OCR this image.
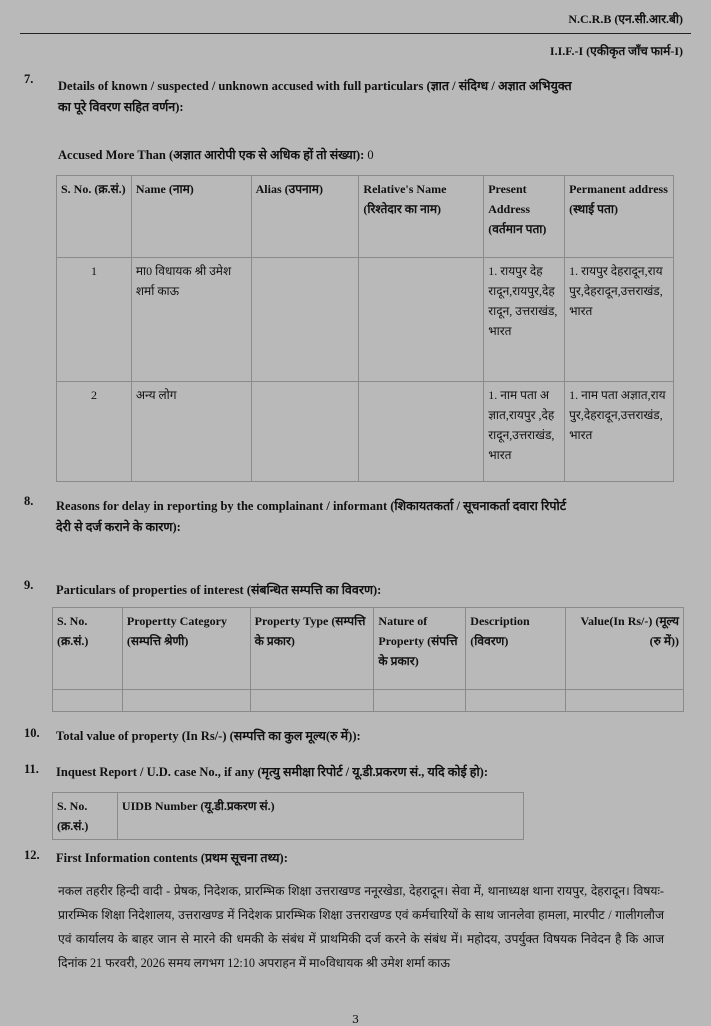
N.C.R.B (एन.सी.आर.बी)
I.I.F.-I (एकीकृत जाँच फार्म-I)
7. Details of known / suspected / unknown accused with full particulars (ज्ञात / संदिग्ध / अज्ञात अभियुक्त
का पूरे विवरण सहित वर्णन):
Accused More Than (अज्ञात आरोपी एक से अधिक हों तो संख्या): 0
S. No. (क्र.सं.)	Name (नाम)	Alias (उपनाम)	Relative's Name (रिश्तेदार का नाम)	Present Address (वर्तमान पता)	Permanent address (स्थाई पता)
1	मा0 विधायक श्री उमेश शर्मा काऊ			1. रायपुर देहरादून,रायपुर,देहरादून, उत्तराखंड,भारत	1. रायपुर देहरादून,रायपुर,देहरादून,उत्तराखंड,भारत
2	अन्य लोग			1. नाम पता अज्ञात,रायपुर ,देहरादून,उत्तराखंड,भारत	1. नाम पता अज्ञात,रायपुर,देहरादून,उत्तराखंड,भारत
8. Reasons for delay in reporting by the complainant / informant (शिकायतकर्ता / सूचनाकर्ता दवारा रिपोर्ट
देरी से दर्ज कराने के कारण):
9. Particulars of properties of interest (संबन्धित सम्पत्ति का विवरण):
S. No. (क्र.सं.)	Propertty Category (सम्पत्ति श्रेणी)	Property Type (सम्पत्ति के प्रकार)	Nature of Property (संपत्ति के प्रकार)	Description (विवरण)	Value(In Rs/-) (मूल्य (रु में))

10. Total value of property (In Rs/-) (सम्पत्ति का कुल मूल्य(रु में)):
11. Inquest Report / U.D. case No., if any (मृत्यु समीक्षा रिपोर्ट / यू.डी.प्रकरण सं., यदि कोई हो):
S. No. (क्र.सं.)	UIDB Number (यू.डी.प्रकरण सं.)
12. First Information contents (प्रथम सूचना तथ्य):
नकल तहरीर हिन्दी वादी - प्रेषक, निदेशक, प्रारम्भिक शिक्षा उत्तराखण्ड ननूरखेडा, देहरादून। सेवा में, थानाध्यक्ष थाना रायपुर, देहरादून। विषयः- प्रारम्भिक शिक्षा निदेशालय, उत्तराखण्ड में निदेशक प्रारम्भिक शिक्षा उत्तराखण्ड एवं कर्मचारियों के साथ जानलेवा हामला, मारपीट / गालीगलौज एवं कार्यालय के बाहर जान से मारने की धमकी के संबंध में प्राथमिकी दर्ज करने के संबंध में। महोदय, उपर्युक्त विषयक निवेदन है कि आज दिनांक 21 फरवरी, 2026 समय लगभग 12:10 अपराहन में मा०विधायक श्री उमेश शर्मा काऊ
3
